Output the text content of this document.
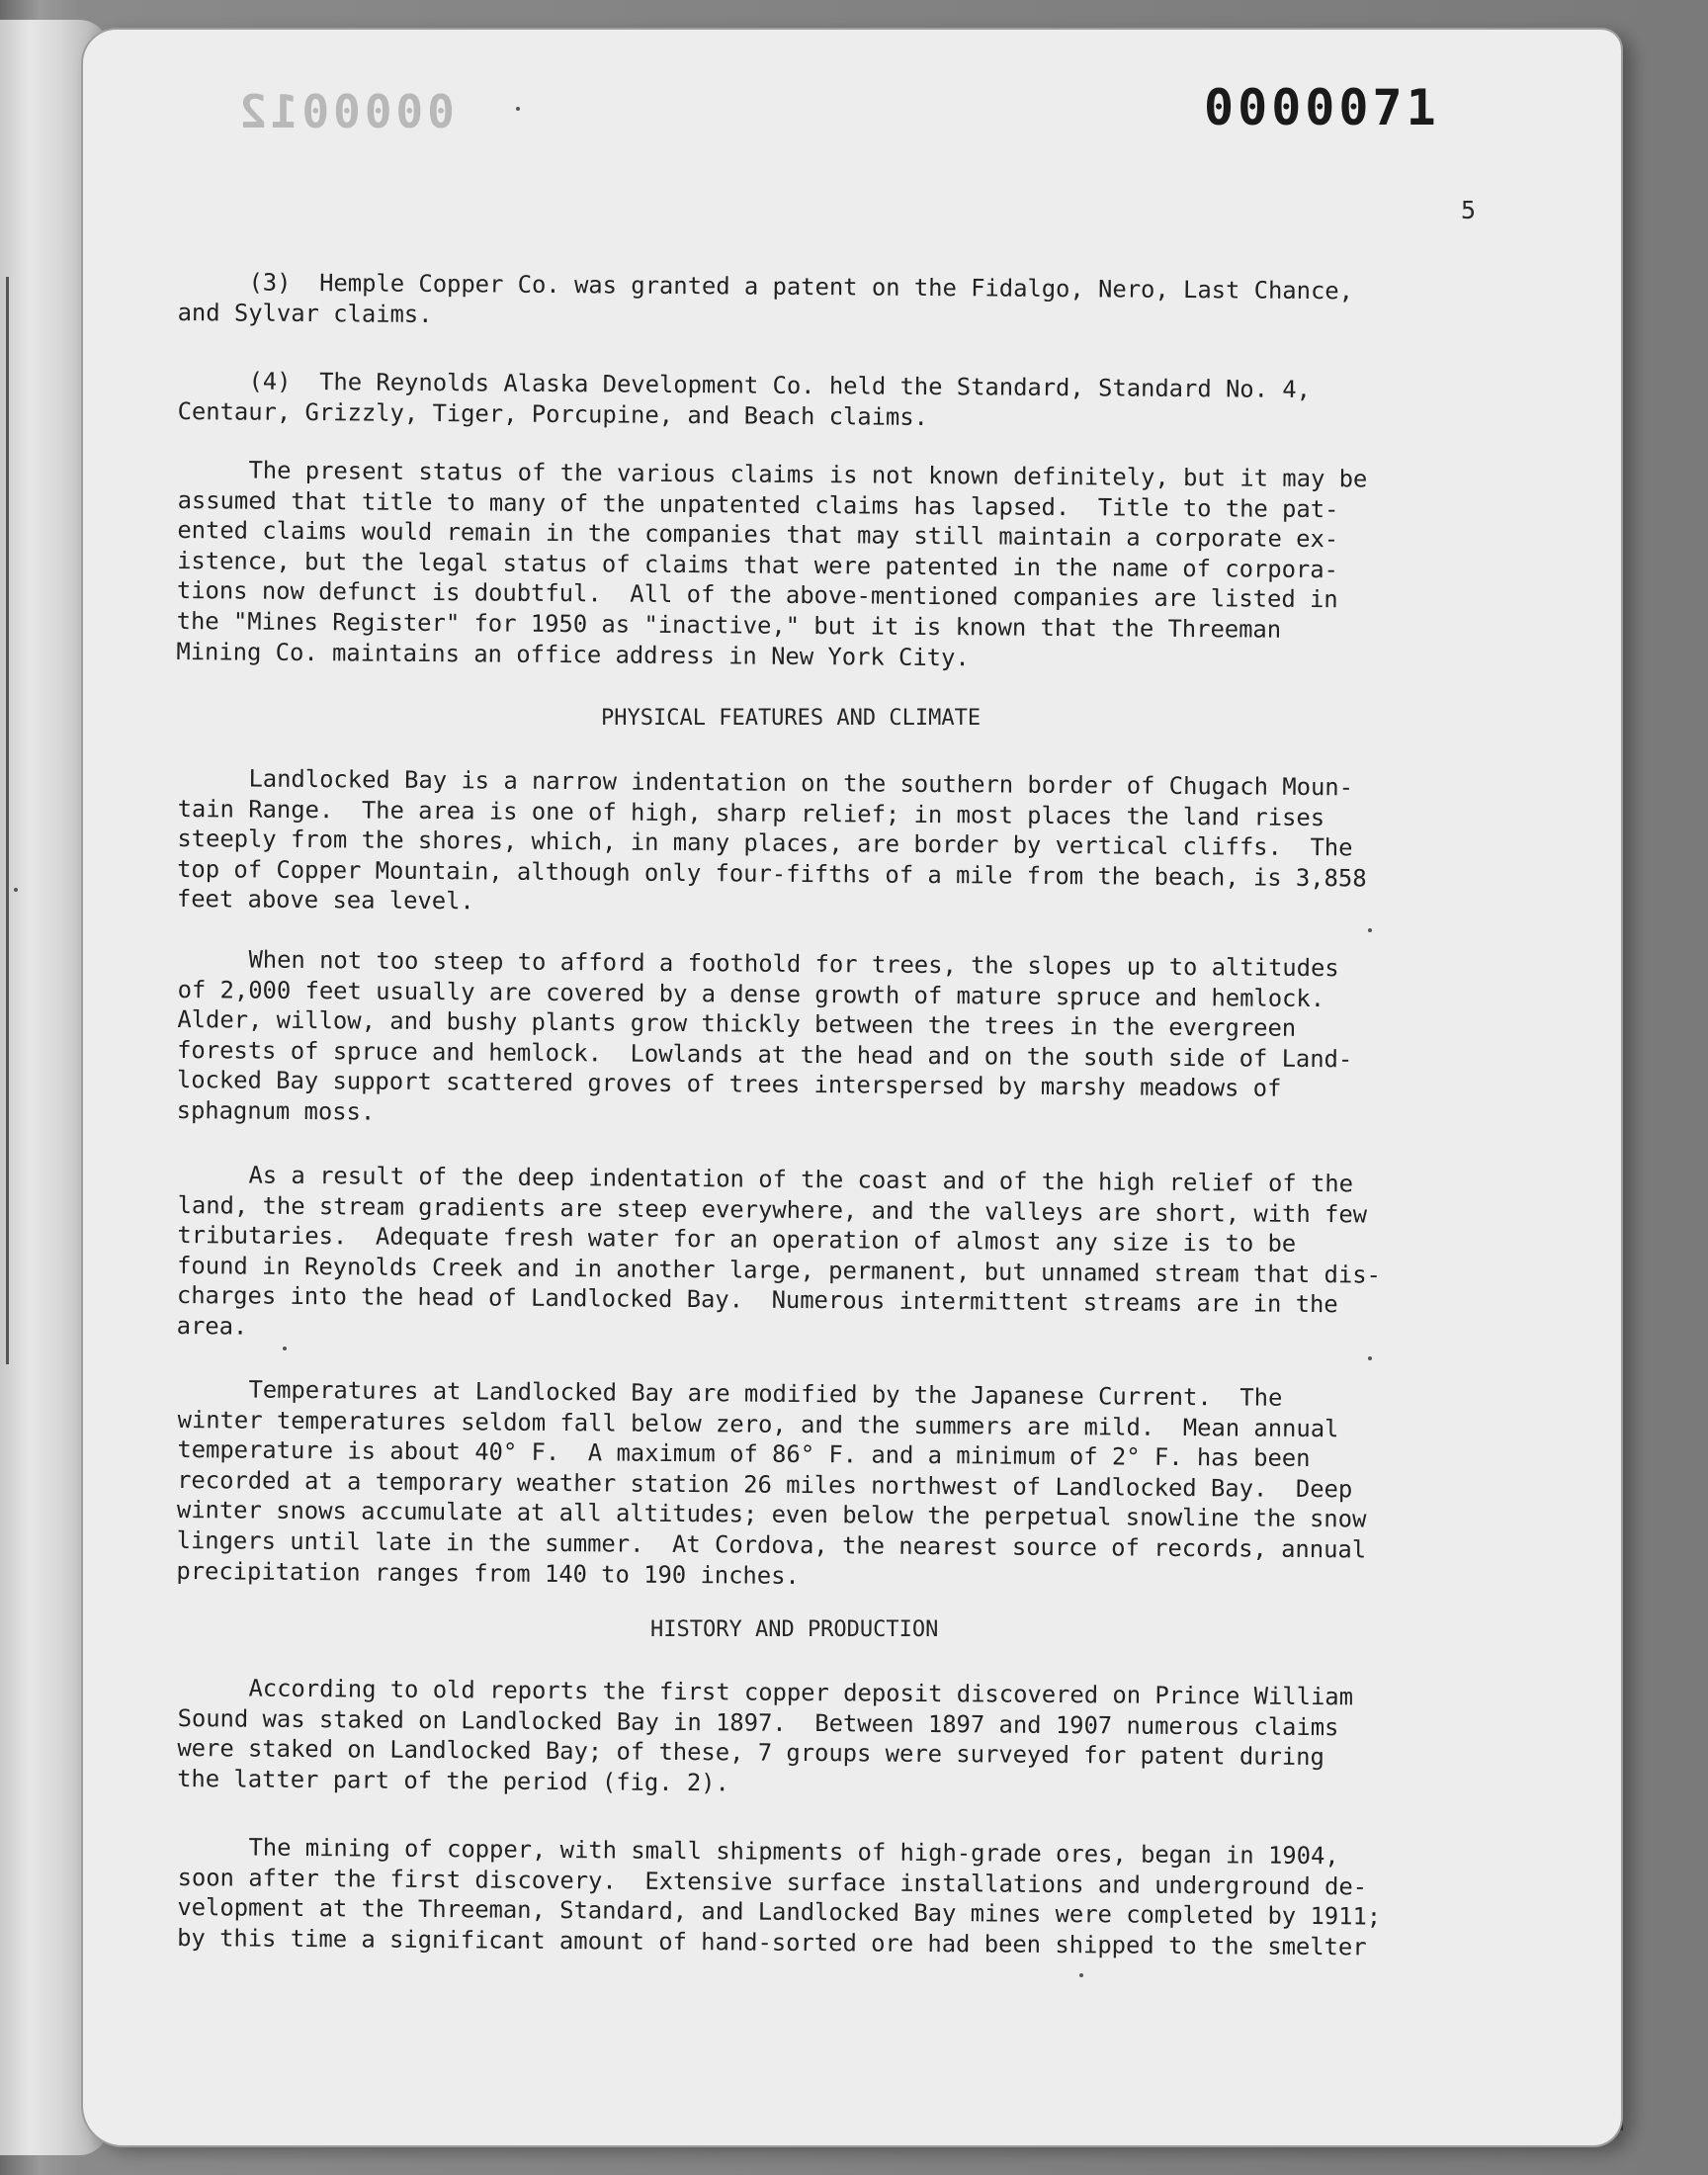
0000012	0000071
5
(3)  Hemple Copper Co. was granted a patent on the Fidalgo, Nero, Last Chance,
and Sylvar claims.
(4)  The Reynolds Alaska Development Co. held the Standard, Standard No. 4,
Centaur, Grizzly, Tiger, Porcupine, and Beach claims.
The present status of the various claims is not known definitely, but it may be
assumed that title to many of the unpatented claims has lapsed.  Title to the pat-
ented claims would remain in the companies that may still maintain a corporate ex-
istence, but the legal status of claims that were patented in the name of corpora-
tions now defunct is doubtful.  All of the above-mentioned companies are listed in
the "Mines Register" for 1950 as "inactive," but it is known that the Threeman
Mining Co. maintains an office address in New York City.
PHYSICAL FEATURES AND CLIMATE
Landlocked Bay is a narrow indentation on the southern border of Chugach Moun-
tain Range.  The area is one of high, sharp relief; in most places the land rises
steeply from the shores, which, in many places, are border by vertical cliffs.  The
top of Copper Mountain, although only four-fifths of a mile from the beach, is 3,858
feet above sea level.
When not too steep to afford a foothold for trees, the slopes up to altitudes
of 2,000 feet usually are covered by a dense growth of mature spruce and hemlock.
Alder, willow, and bushy plants grow thickly between the trees in the evergreen
forests of spruce and hemlock.  Lowlands at the head and on the south side of Land-
locked Bay support scattered groves of trees interspersed by marshy meadows of
sphagnum moss.
As a result of the deep indentation of the coast and of the high relief of the
land, the stream gradients are steep everywhere, and the valleys are short, with few
tributaries.  Adequate fresh water for an operation of almost any size is to be
found in Reynolds Creek and in another large, permanent, but unnamed stream that dis-
charges into the head of Landlocked Bay.  Numerous intermittent streams are in the
area.
Temperatures at Landlocked Bay are modified by the Japanese Current.  The
winter temperatures seldom fall below zero, and the summers are mild.  Mean annual
temperature is about 40° F.  A maximum of 86° F. and a minimum of 2° F. has been
recorded at a temporary weather station 26 miles northwest of Landlocked Bay.  Deep
winter snows accumulate at all altitudes; even below the perpetual snowline the snow
lingers until late in the summer.  At Cordova, the nearest source of records, annual
precipitation ranges from 140 to 190 inches.
HISTORY AND PRODUCTION
According to old reports the first copper deposit discovered on Prince William
Sound was staked on Landlocked Bay in 1897.  Between 1897 and 1907 numerous claims
were staked on Landlocked Bay; of these, 7 groups were surveyed for patent during
the latter part of the period (fig. 2).
The mining of copper, with small shipments of high-grade ores, began in 1904,
soon after the first discovery.  Extensive surface installations and underground de-
velopment at the Threeman, Standard, and Landlocked Bay mines were completed by 1911;
by this time a significant amount of hand-sorted ore had been shipped to the smelter
